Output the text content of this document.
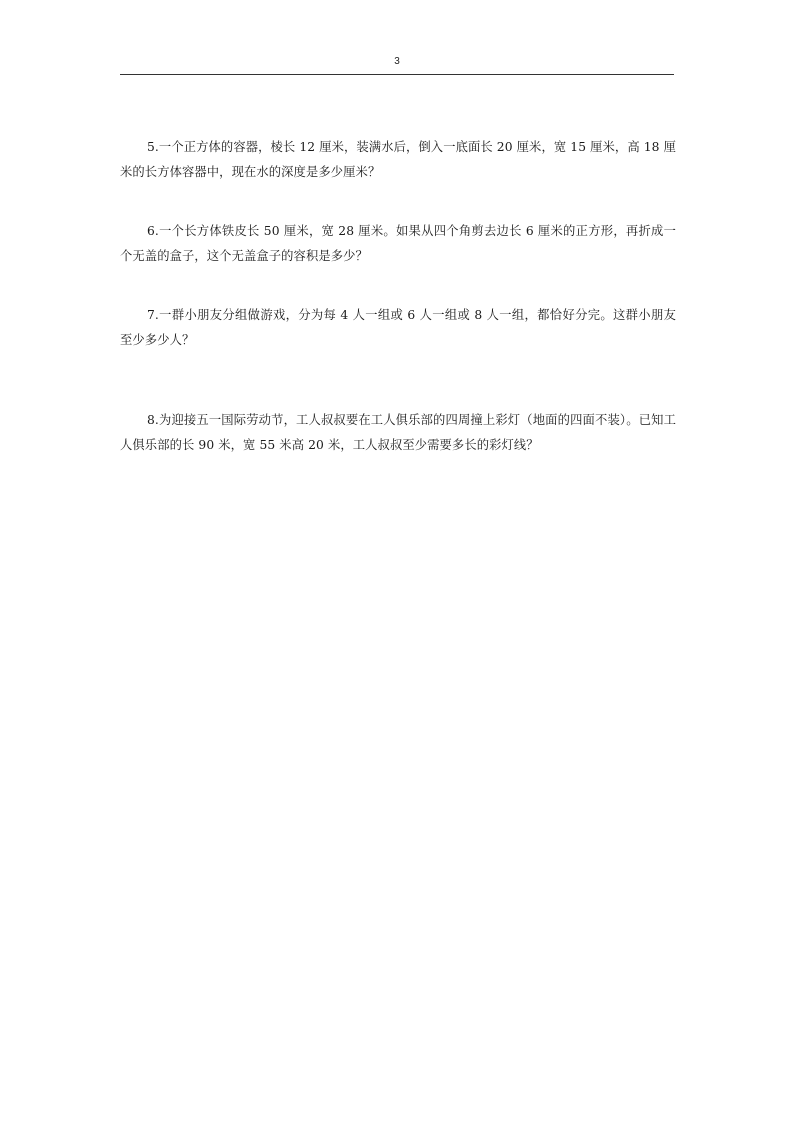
3

5.一个正方体的容器，棱长 12 厘米，装满水后，倒入一底面长 20 厘米，宽 15 厘米，高 18 厘米的长方体容器中，现在水的深度是多少厘米？

6.一个长方体铁皮长 50 厘米，宽 28 厘米。如果从四个角剪去边长 6 厘米的正方形，再折成一个无盖的盒子，这个无盖盒子的容积是多少？

7.一群小朋友分组做游戏，分为每 4 人一组或 6 人一组或 8 人一组，都恰好分完。这群小朋友至少多少人？

8.为迎接五一国际劳动节，工人叔叔要在工人俱乐部的四周撞上彩灯（地面的四面不装）。已知工人俱乐部的长 90 米，宽 55 米高 20 米，工人叔叔至少需要多长的彩灯线？
